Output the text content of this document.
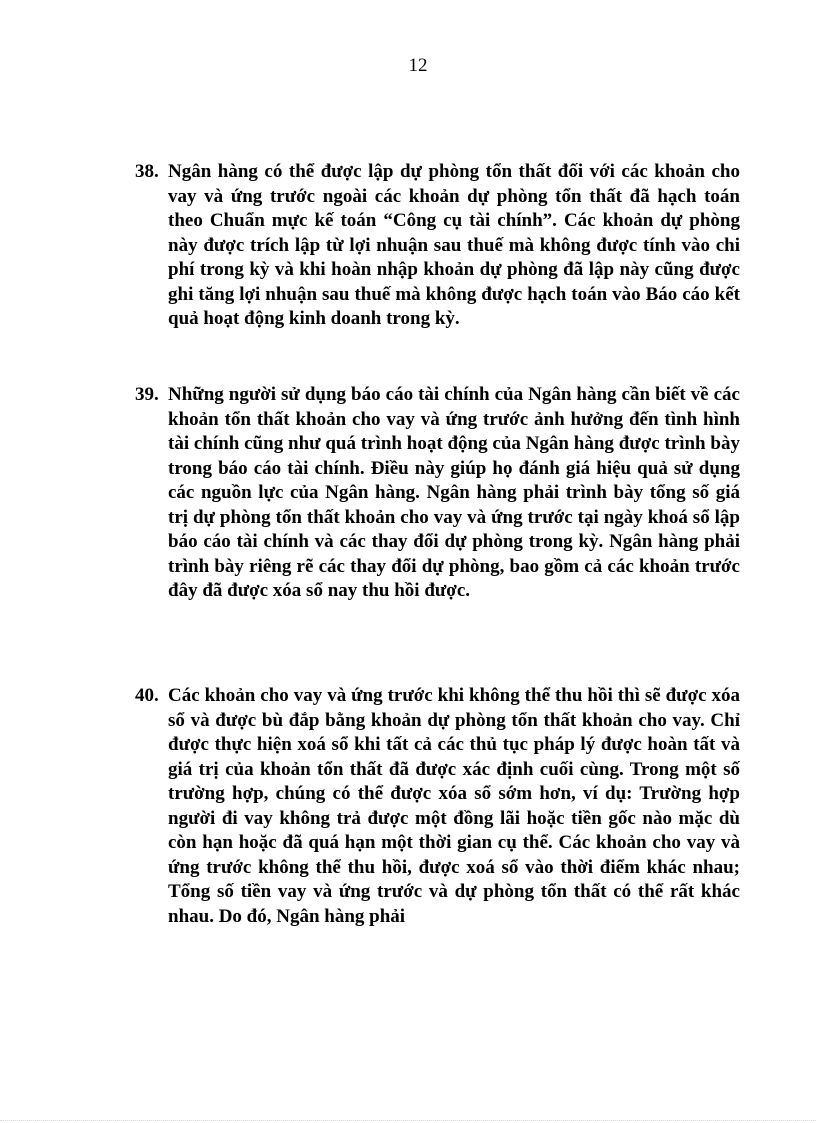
12
38. Ngân hàng có thể được lập dự phòng tổn thất đối với các khoản cho vay và ứng trước ngoài các khoản dự phòng tổn thất đã hạch toán theo Chuẩn mực kế toán “Công cụ tài chính”. Các khoản dự phòng này được trích lập từ lợi nhuận sau thuế mà không được tính vào chi phí trong kỳ và khi hoàn nhập khoản dự phòng đã lập này cũng được ghi tăng lợi nhuận sau thuế mà không được hạch toán vào Báo cáo kết quả hoạt động kinh doanh trong kỳ.
39. Những người sử dụng báo cáo tài chính của Ngân hàng cần biết về các khoản tổn thất khoản cho vay và ứng trước ảnh hưởng đến tình hình tài chính cũng như quá trình hoạt động của Ngân hàng được trình bày trong báo cáo tài chính. Điều này giúp họ đánh giá hiệu quả sử dụng các nguồn lực của Ngân hàng. Ngân hàng phải trình bày tổng số giá trị dự phòng tổn thất khoản cho vay và ứng trước tại ngày khoá sổ lập báo cáo tài chính và các thay đổi dự phòng trong kỳ. Ngân hàng phải trình bày riêng rẽ các thay đổi dự phòng, bao gồm cả các khoản trước đây đã được xóa sổ nay thu hồi được.
40. Các khoản cho vay và ứng trước khi không thể thu hồi thì sẽ được xóa sổ và được bù đắp bằng khoản dự phòng tổn thất khoản cho vay. Chỉ được thực hiện xoá sổ khi tất cả các thủ tục pháp lý được hoàn tất và giá trị của khoản tổn thất đã được xác định cuối cùng. Trong một số trường hợp, chúng có thể được xóa sổ sớm hơn, ví dụ: Trường hợp người đi vay không trả được một đồng lãi hoặc tiền gốc nào mặc dù còn hạn hoặc đã quá hạn một thời gian cụ thể. Các khoản cho vay và ứng trước không thể thu hồi, được xoá sổ vào thời điểm khác nhau; Tổng số tiền vay và ứng trước và dự phòng tổn thất có thể rất khác nhau. Do đó, Ngân hàng phải
